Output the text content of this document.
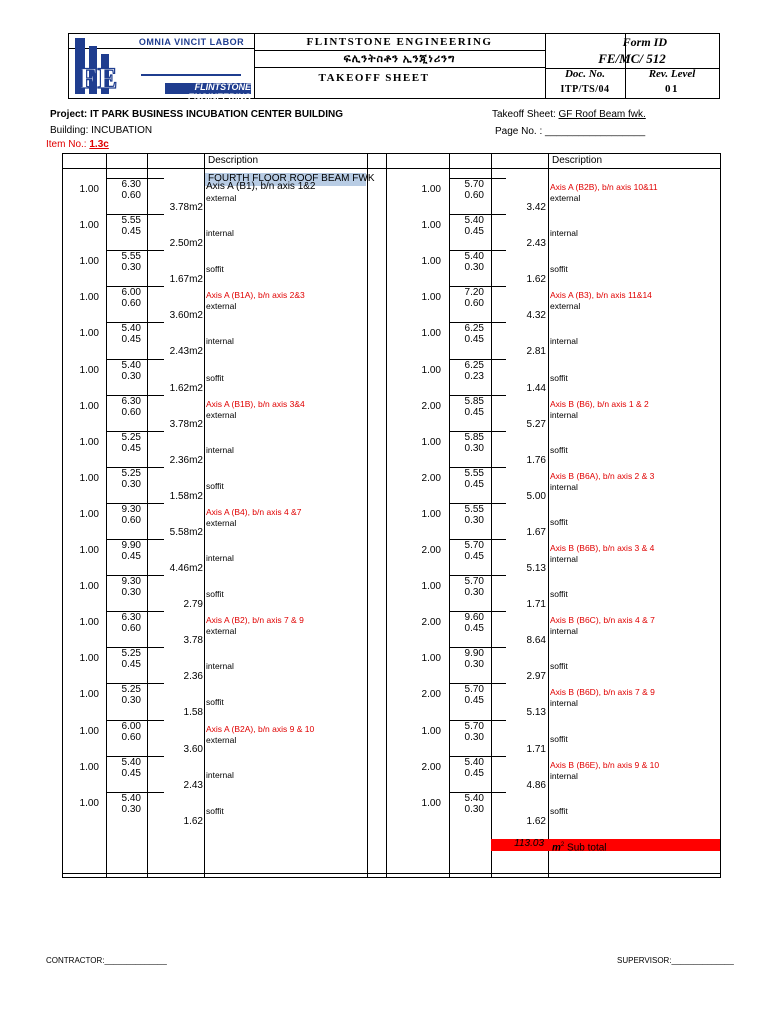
FE
OMNIA VINCIT LABOR
FLINTSTONE ENGINEERING
FLINTSTONE ENGINEERING
ፍሊንትስቶን ኢንጂነሪንግ
TAKEOFF SHEET
Form ID
FE/MC/ 512
Doc. No.	Rev. Level
ITP/TS/04	01
Project: IT PARK BUSINESS INCUBATION CENTER BUILDING
Building: INCUBATION
Item No.: 1.3c
Takeoff Sheet: GF Roof Beam fwk.
Page No. : __________________
Description	Description
FOURTH FLOOR ROOF BEAM FWK
1.00	6.30
0.60
3.78m2
Axis A (B1), b/n axis 1&2
external
1.00	5.55
0.45
2.50m2
internal
1.00	5.55
0.30
1.67m2
soffit
1.00	6.00
0.60
3.60m2
Axis A (B1A), b/n axis 2&3
external
1.00	5.40
0.45
2.43m2
internal
1.00	5.40
0.30
1.62m2
soffit
1.00	6.30
0.60
3.78m2
Axis A (B1B), b/n axis 3&4
external
1.00	5.25
0.45
2.36m2
internal
1.00	5.25
0.30
1.58m2
soffit
1.00	9.30
0.60
5.58m2
Axis A (B4), b/n axis 4 &7
external
1.00	9.90
0.45
4.46m2
internal
1.00	9.30
0.30
2.79
soffit
1.00	6.30
0.60
3.78
Axis A (B2), b/n axis 7 & 9
external
1.00	5.25
0.45
2.36
internal
1.00	5.25
0.30
1.58
soffit
1.00	6.00
0.60
3.60
Axis A (B2A), b/n axis 9 & 10
external
1.00	5.40
0.45
2.43
internal
1.00	5.40
0.30
1.62
soffit
1.00	5.70
0.60
3.42
Axis A (B2B), b/n axis 10&11
external
1.00	5.40
0.45
2.43
internal
1.00	5.40
0.30
1.62
soffit
1.00	7.20
0.60
4.32
Axis A (B3), b/n axis 11&14
external
1.00	6.25
0.45
2.81
internal
1.00	6.25
0.23
1.44
soffit
2.00	5.85
0.45
5.27
Axis B (B6), b/n axis 1 & 2
internal
1.00	5.85
0.30
1.76
soffit
2.00	5.55
0.45
5.00
Axis B (B6A), b/n axis 2 & 3
internal
1.00	5.55
0.30
1.67
soffit
2.00	5.70
0.45
5.13
Axis B (B6B), b/n axis 3 & 4
internal
1.00	5.70
0.30
1.71
soffit
2.00	9.60
0.45
8.64
Axis B (B6C), b/n axis 4 & 7
internal
1.00	9.90
0.30
2.97
soffit
2.00	5.70
0.45
5.13
Axis B (B6D), b/n axis 7 & 9
internal
1.00	5.70
0.30
1.71
soffit
2.00	5.40
0.45
4.86
Axis B (B6E), b/n axis 9 & 10
internal
1.00	5.40
0.30
1.62
soffit
113.03 $m^2$ Sub total
CONTRACTOR:______________	SUPERVISOR:______________
